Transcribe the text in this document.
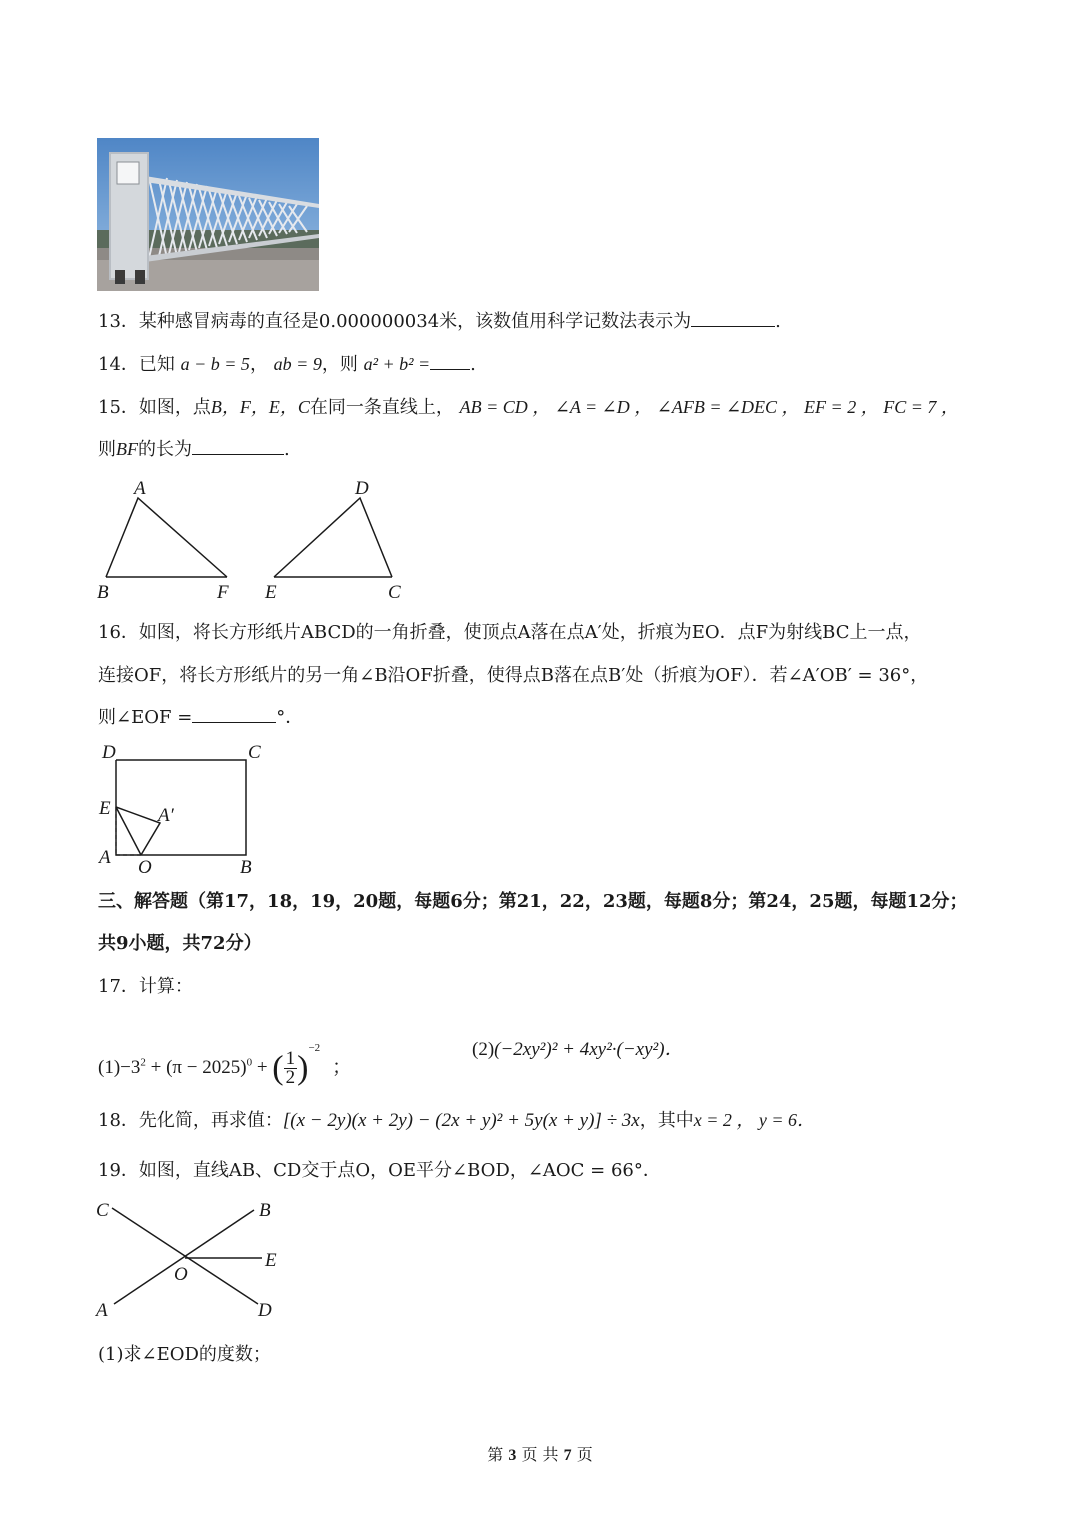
13．某种感冒病毒的直径是0.000000034米，该数值用科学记数法表示为	.
14．已知 a − b = 5， ab = 9，则 a² + b² = .
15．如图，点B，F，E，C在同一条直线上， AB = CD ， ∠A = ∠D ， ∠AFB = ∠DEC ， EF = 2 ， FC = 7 ，
则BF的长为	.
A	D
B	F E	C
16．如图，将长方形纸片ABCD的一角折叠，使顶点A落在点A′处，折痕为EO．点F为射线BC上一点，
连接OF，将长方形纸片的另一角∠B沿OF折叠，使得点B落在点B′处（折痕为OF）．若∠A′OB′ = 36°，
则∠EOF =	°．
D	C
E A′
A O	B
三、解答题（第17，18，19，20题，每题6分；第21，22，23题，每题8分；第24，25题，每题12分；
共9小题，共72分）
17．计算：
$(1)-3^2 + (\pi - 2025)^0$ + ( $\frac{1}{2} )^{-2}$；
(2)(−2xy²)² + 4xy²·(−xy²)．
18．先化简，再求值：[(x − 2y)(x + 2y) − (2x + y)² + 5y(x + y)] ÷ 3x，其中x = 2 ， y = 6．
19．如图，直线AB、CD交于点O，OE平分∠BOD，∠AOC = 66°．
C	B
E
O
A	D
(1)求∠EOD的度数；
第 3 页 共 7 页
